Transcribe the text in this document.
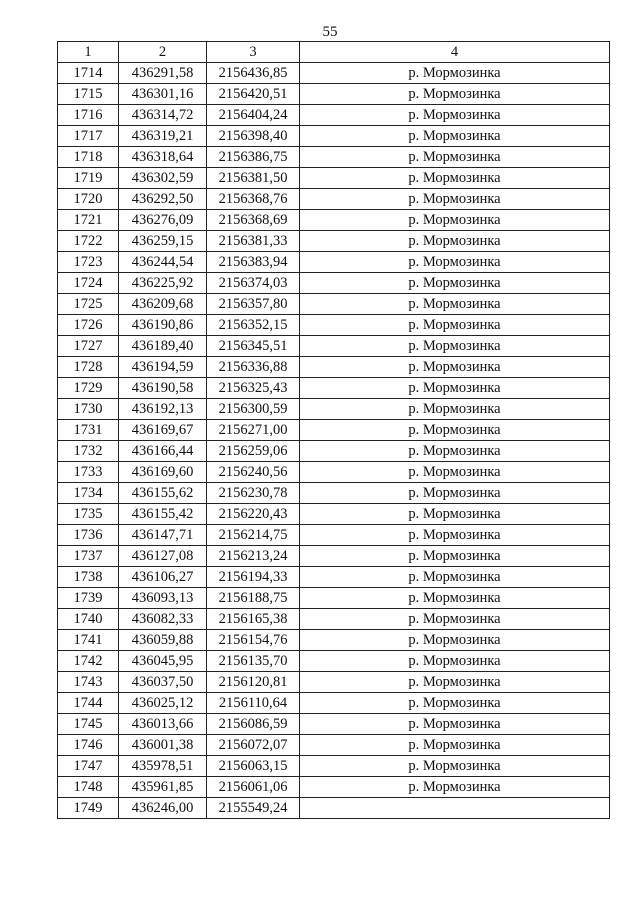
55
1	2	3	4
1714	436291,58	2156436,85	р. Мормозинка
1715	436301,16	2156420,51	р. Мормозинка
1716	436314,72	2156404,24	р. Мормозинка
1717	436319,21	2156398,40	р. Мормозинка
1718	436318,64	2156386,75	р. Мормозинка
1719	436302,59	2156381,50	р. Мормозинка
1720	436292,50	2156368,76	р. Мормозинка
1721	436276,09	2156368,69	р. Мормозинка
1722	436259,15	2156381,33	р. Мормозинка
1723	436244,54	2156383,94	р. Мормозинка
1724	436225,92	2156374,03	р. Мормозинка
1725	436209,68	2156357,80	р. Мормозинка
1726	436190,86	2156352,15	р. Мормозинка
1727	436189,40	2156345,51	р. Мормозинка
1728	436194,59	2156336,88	р. Мормозинка
1729	436190,58	2156325,43	р. Мормозинка
1730	436192,13	2156300,59	р. Мормозинка
1731	436169,67	2156271,00	р. Мормозинка
1732	436166,44	2156259,06	р. Мормозинка
1733	436169,60	2156240,56	р. Мормозинка
1734	436155,62	2156230,78	р. Мормозинка
1735	436155,42	2156220,43	р. Мормозинка
1736	436147,71	2156214,75	р. Мормозинка
1737	436127,08	2156213,24	р. Мормозинка
1738	436106,27	2156194,33	р. Мормозинка
1739	436093,13	2156188,75	р. Мормозинка
1740	436082,33	2156165,38	р. Мормозинка
1741	436059,88	2156154,76	р. Мормозинка
1742	436045,95	2156135,70	р. Мормозинка
1743	436037,50	2156120,81	р. Мормозинка
1744	436025,12	2156110,64	р. Мормозинка
1745	436013,66	2156086,59	р. Мормозинка
1746	436001,38	2156072,07	р. Мормозинка
1747	435978,51	2156063,15	р. Мормозинка
1748	435961,85	2156061,06	р. Мормозинка
1749	436246,00	2155549,24	
